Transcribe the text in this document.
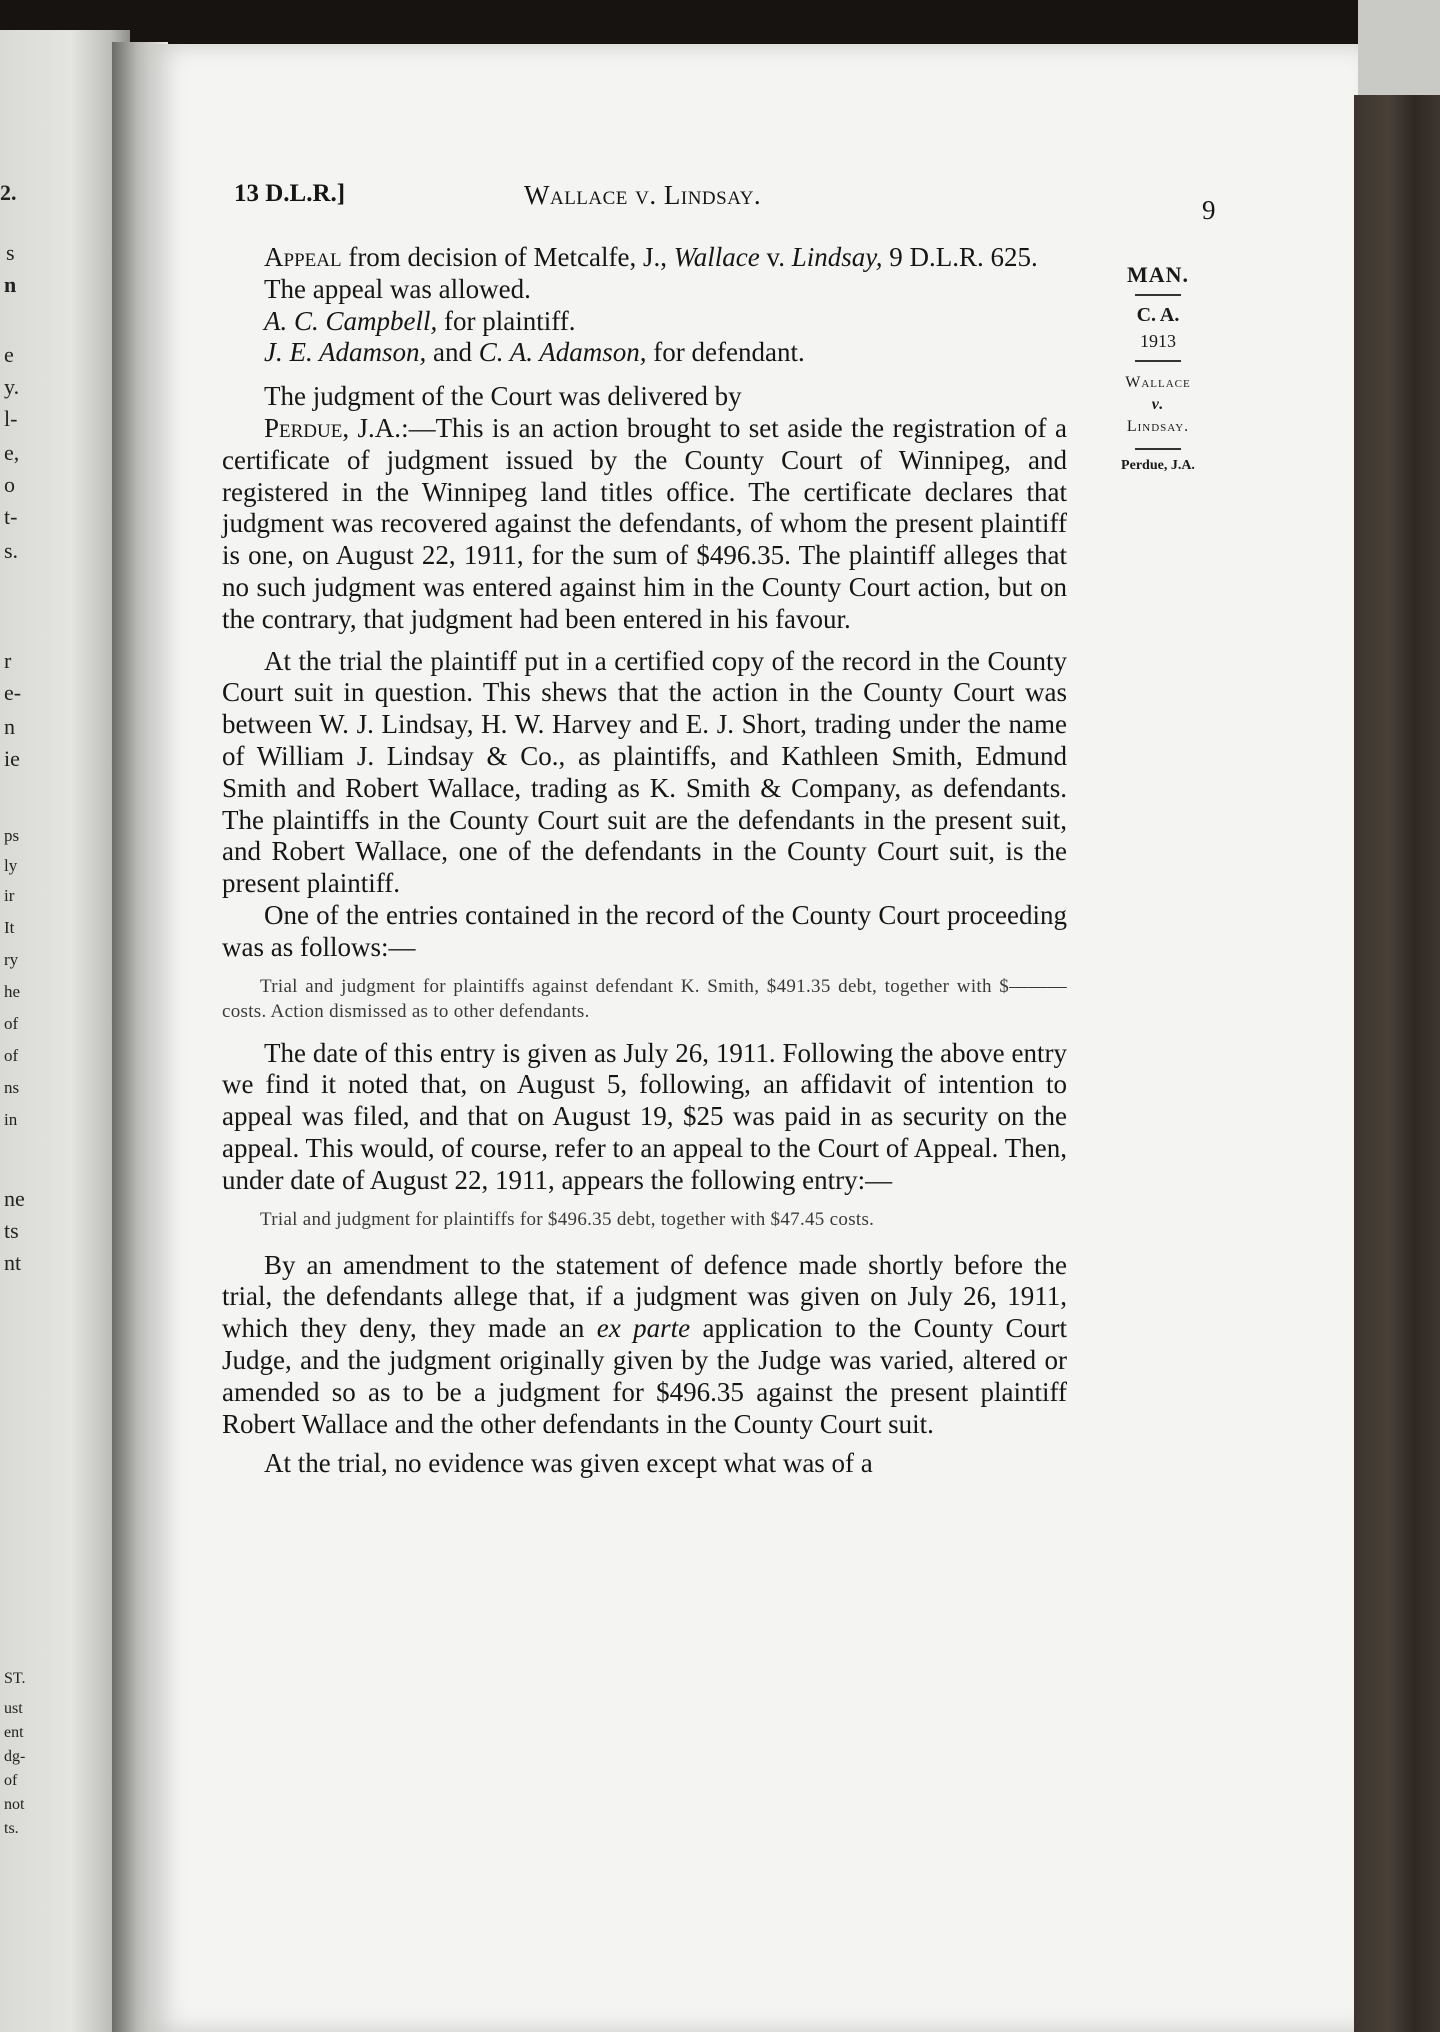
2.
s
n
e
y.
l-
e,
o
t-
s.
r
e-
n
ie
ps
ly
ir
It
ry
he
of
of
ns
in
ne
ts
nt
ST.
ust
ent
dg-
of
not
ts.
13 D.L.R.]	Wallace v. Lindsay.	9
MAN.
C. A.
1913
Wallace
v.
Lindsay.
Perdue, J.A.

Appeal from decision of Metcalfe, J., Wallace v. Lindsay, 9 D.L.R. 625.

The appeal was allowed.

A. C. Campbell, for plaintiff.

J. E. Adamson, and C. A. Adamson, for defendant.

The judgment of the Court was delivered by

Perdue, J.A.:—This is an action brought to set aside the registration of a certificate of judgment issued by the County Court of Winnipeg, and registered in the Winnipeg land titles office. The certificate declares that judgment was recovered against the defendants, of whom the present plaintiff is one, on August 22, 1911, for the sum of $496.35. The plaintiff alleges that no such judgment was entered against him in the County Court action, but on the contrary, that judgment had been entered in his favour.

At the trial the plaintiff put in a certified copy of the record in the County Court suit in question. This shews that the action in the County Court was between W. J. Lindsay, H. W. Harvey and E. J. Short, trading under the name of William J. Lindsay & Co., as plaintiffs, and Kathleen Smith, Edmund Smith and Robert Wallace, trading as K. Smith & Company, as defendants. The plaintiffs in the County Court suit are the defendants in the present suit, and Robert Wallace, one of the defendants in the County Court suit, is the present plaintiff.

One of the entries contained in the record of the County Court proceeding was as follows:—

Trial and judgment for plaintiffs against defendant K. Smith, $491.35 debt, together with $——— costs. Action dismissed as to other defendants.

The date of this entry is given as July 26, 1911. Following the above entry we find it noted that, on August 5, following, an affidavit of intention to appeal was filed, and that on August 19, $25 was paid in as security on the appeal. This would, of course, refer to an appeal to the Court of Appeal. Then, under date of August 22, 1911, appears the following entry:—

Trial and judgment for plaintiffs for $496.35 debt, together with $47.45 costs.

By an amendment to the statement of defence made shortly before the trial, the defendants allege that, if a judgment was given on July 26, 1911, which they deny, they made an ex parte application to the County Court Judge, and the judgment originally given by the Judge was varied, altered or amended so as to be a judgment for $496.35 against the present plaintiff Robert Wallace and the other defendants in the County Court suit.

At the trial, no evidence was given except what was of a
